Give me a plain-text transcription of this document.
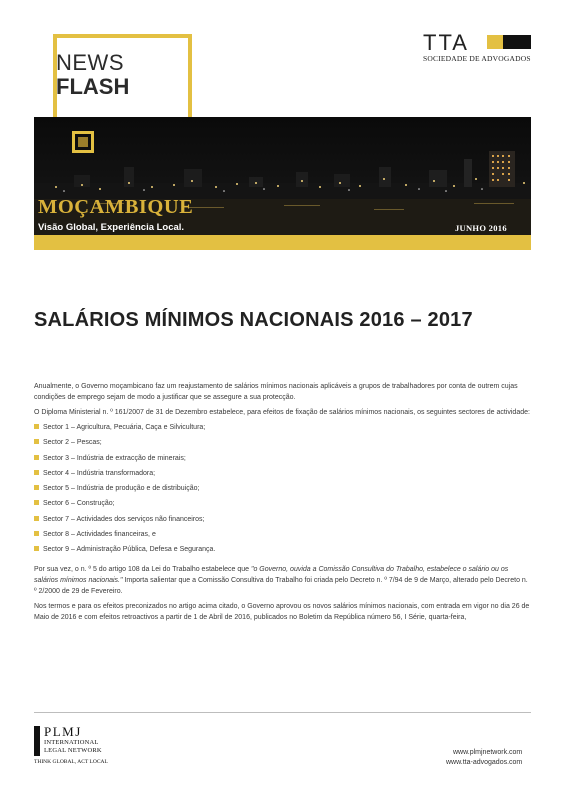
NEWS
FLASH
TTA
SOCIEDADE DE ADVOGADOS
MOÇAMBIQUE
Visão Global, Experiência Local.	JUNHO 2016
SALÁRIOS MÍNIMOS NACIONAIS 2016 – 2017

Anualmente, o Governo moçambicano faz um reajustamento de salários mínimos nacionais aplicáveis a grupos de trabalhadores por conta de outrem cujas condições de emprego sejam de modo a justificar que se assegure a sua protecção.

O Diploma Ministerial n. º 161/2007 de 31 de Dezembro estabelece, para efeitos de fixação de salários mínimos nacionais, os seguintes sectores de actividade:

Sector 1 – Agricultura, Pecuária, Caça e Silvicultura;
Sector 2 – Pescas;
Sector 3 – Indústria de extracção de minerais;
Sector 4 – Indústria transformadora;
Sector 5 – Indústria de produção e de distribuição;
Sector 6 – Construção;
Sector 7 – Actividades dos serviços não financeiros;
Sector 8 – Actividades financeiras, e
Sector 9 – Administração Pública, Defesa e Segurança.

Por sua vez, o n. º 5 do artigo 108 da Lei do Trabalho estabelece que "o Governo, ouvida a Comissão Consultiva do Trabalho, estabelece o salário ou os salários mínimos nacionais." Importa salientar que a Comissão Consultiva do Trabalho foi criada pelo Decreto n. º 7/94 de 9 de Março, alterado pelo Decreto n. º 2/2000 de 29 de Fevereiro.

Nos termos e para os efeitos preconizados no artigo acima citado, o Governo aprovou os novos salários mínimos nacionais, com entrada em vigor no dia 26 de Maio de 2016 e com efeitos retroactivos a partir de 1 de Abril de 2016, publicados no Boletim da República número 56, I Série, quarta-feira,

PLMJ
INTERNATIONAL
LEGAL NETWORK
THINK GLOBAL, ACT LOCAL
www.plmjnetwork.com
www.tta-advogados.com
